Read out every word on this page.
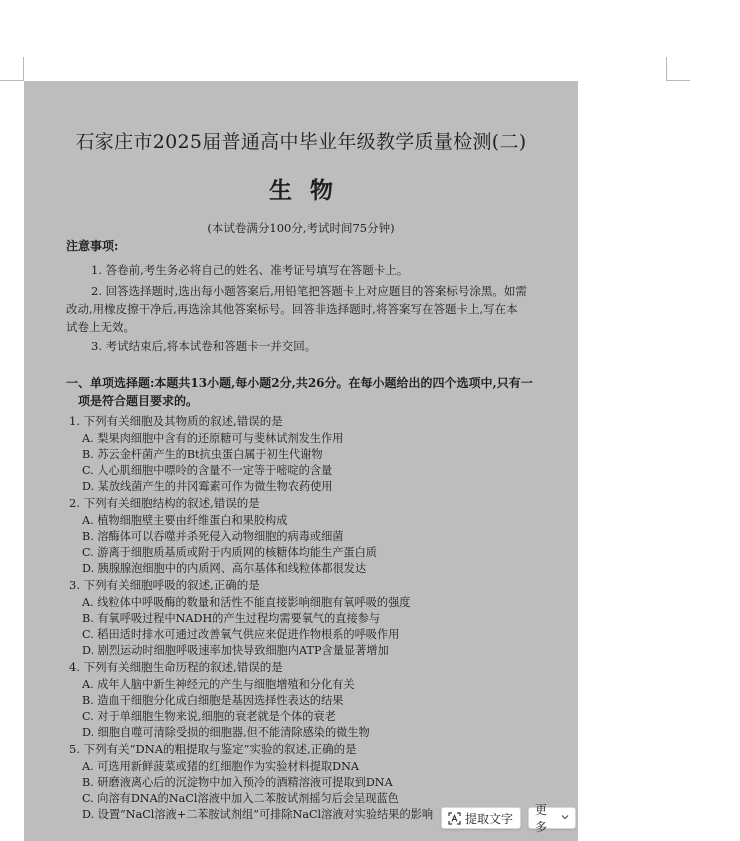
石家庄市2025届普通高中毕业年级教学质量检测(二)
生物
(本试卷满分100分,考试时间75分钟)
注意事项:
1. 答卷前,考生务必将自己的姓名、准考证号填写在答题卡上。
2. 回答选择题时,选出每小题答案后,用铅笔把答题卡上对应题目的答案标号涂黑。如需
改动,用橡皮擦干净后,再选涂其他答案标号。回答非选择题时,将答案写在答题卡上,写在本
试卷上无效。
3. 考试结束后,将本试卷和答题卡一并交回。
一、单项选择题:本题共13小题,每小题2分,共26分。在每小题给出的四个选项中,只有一
项是符合题目要求的。
1. 下列有关细胞及其物质的叙述,错误的是
A. 梨果肉细胞中含有的还原糖可与斐林试剂发生作用
B. 苏云金杆菌产生的Bt抗虫蛋白属于初生代谢物
C. 人心肌细胞中嘌呤的含量不一定等于嘧啶的含量
D. 某放线菌产生的井冈霉素可作为微生物农药使用
2. 下列有关细胞结构的叙述,错误的是
A. 植物细胞壁主要由纤维蛋白和果胶构成
B. 溶酶体可以吞噬并杀死侵入动物细胞的病毒或细菌
C. 游离于细胞质基质或附于内质网的核糖体均能生产蛋白质
D. 胰腺腺泡细胞中的内质网、高尔基体和线粒体都很发达
3. 下列有关细胞呼吸的叙述,正确的是
A. 线粒体中呼吸酶的数量和活性不能直接影响细胞有氧呼吸的强度
B. 有氧呼吸过程中NADH的产生过程均需要氧气的直接参与
C. 稻田适时排水可通过改善氧气供应来促进作物根系的呼吸作用
D. 剧烈运动时细胞呼吸速率加快导致细胞内ATP含量显著增加
4. 下列有关细胞生命历程的叙述,错误的是
A. 成年人脑中新生神经元的产生与细胞增殖和分化有关
B. 造血干细胞分化成白细胞是基因选择性表达的结果
C. 对于单细胞生物来说,细胞的衰老就是个体的衰老
D. 细胞自噬可清除受损的细胞器,但不能清除感染的微生物
5. 下列有关“DNA的粗提取与鉴定”实验的叙述,正确的是
A. 可选用新鲜菠菜或猪的红细胞作为实验材料提取DNA
B. 研磨液离心后的沉淀物中加入预冷的酒精溶液可提取到DNA
C. 向溶有DNA的NaCl溶液中加入二苯胺试剂摇匀后会呈现蓝色
D. 设置“NaCl溶液+二苯胺试剂组”可排除NaCl溶液对实验结果的影响	提取文字
更多
